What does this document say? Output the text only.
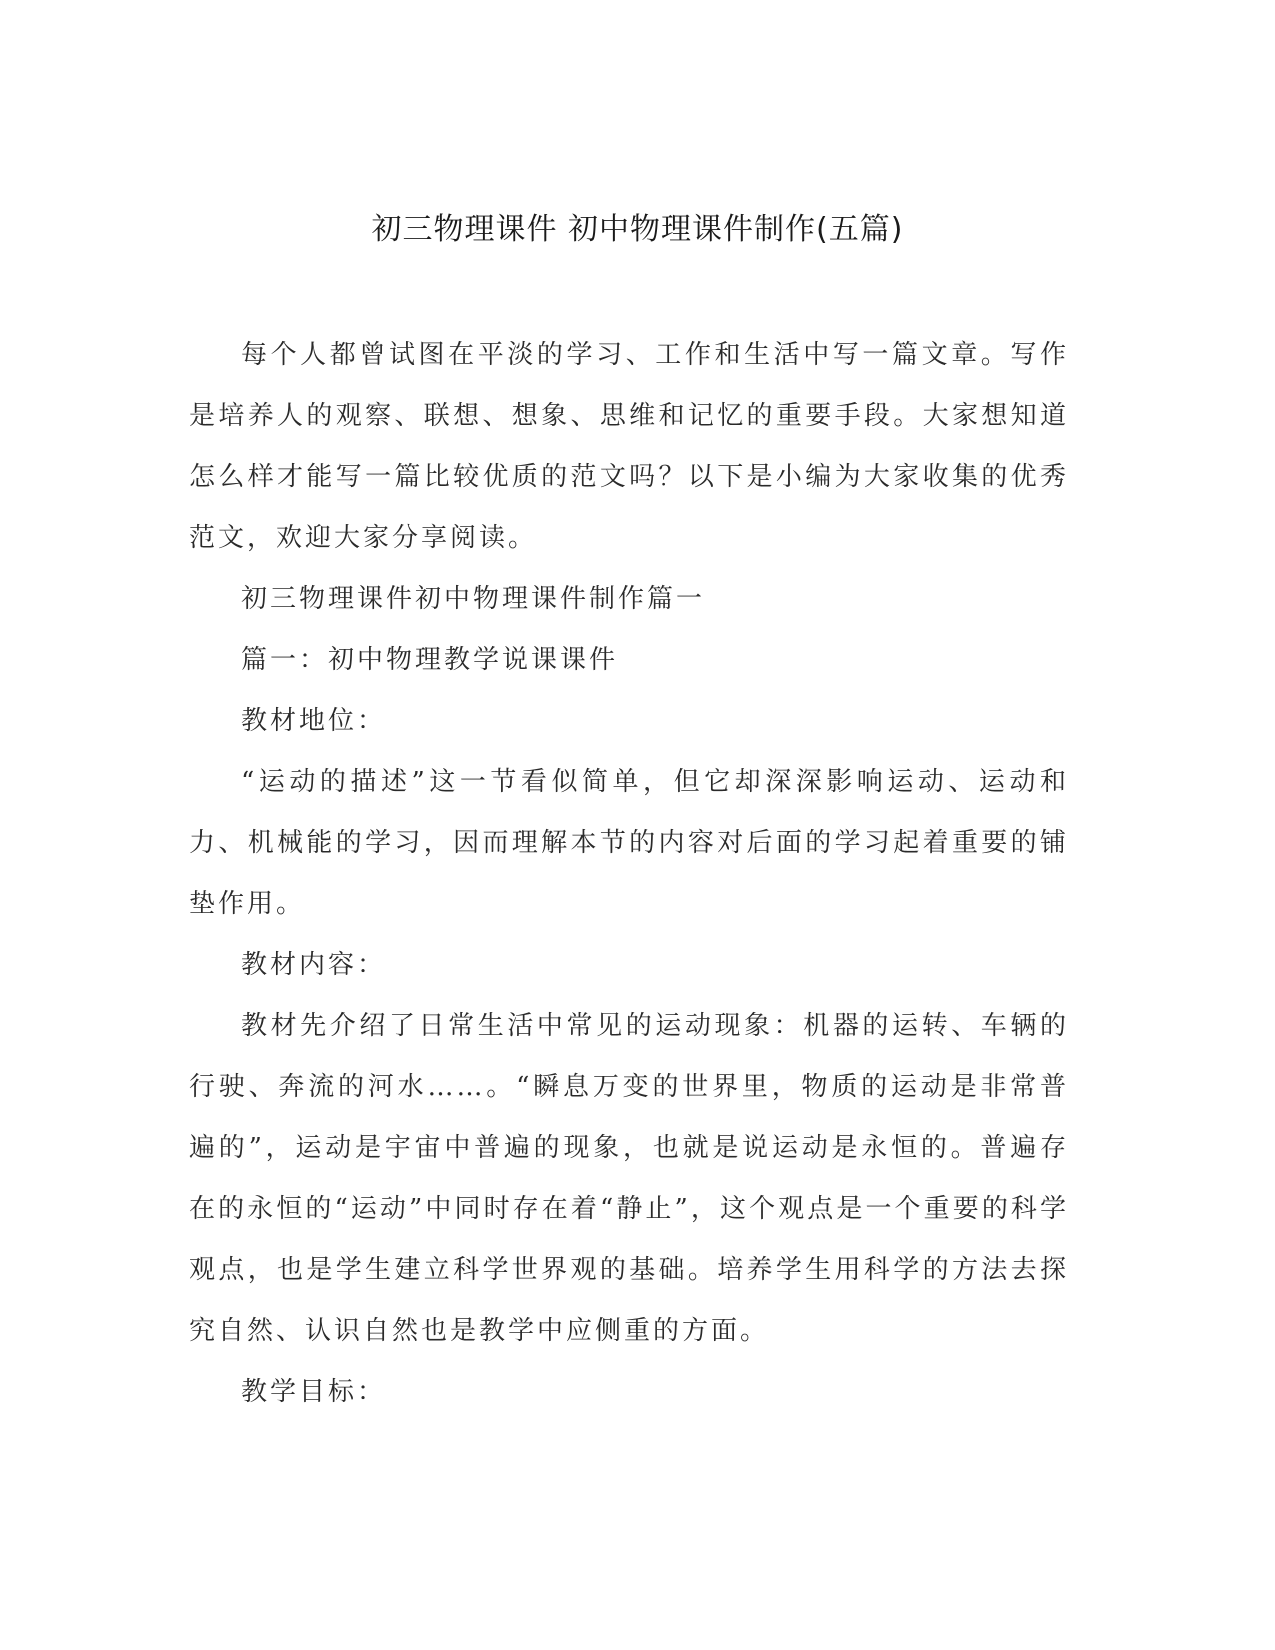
初三物理课件 初中物理课件制作(五篇)

每个人都曾试图在平淡的学习、工作和生活中写一篇文章。写作是培养人的观察、联想、想象、思维和记忆的重要手段。大家想知道怎么样才能写一篇比较优质的范文吗？以下是小编为大家收集的优秀范文，欢迎大家分享阅读。

初三物理课件初中物理课件制作篇一

篇一：初中物理教学说课课件

教材地位：

“运动的描述”这一节看似简单，但它却深深影响运动、运动和力、机械能的学习，因而理解本节的内容对后面的学习起着重要的铺垫作用。

教材内容：

教材先介绍了日常生活中常见的运动现象：机器的运转、车辆的行驶、奔流的河水……。“瞬息万变的世界里，物质的运动是非常普遍的”，运动是宇宙中普遍的现象，也就是说运动是永恒的。普遍存在的永恒的“运动”中同时存在着“静止”，这个观点是一个重要的科学观点，也是学生建立科学世界观的基础。培养学生用科学的方法去探究自然、认识自然也是教学中应侧重的方面。

教学目标：
